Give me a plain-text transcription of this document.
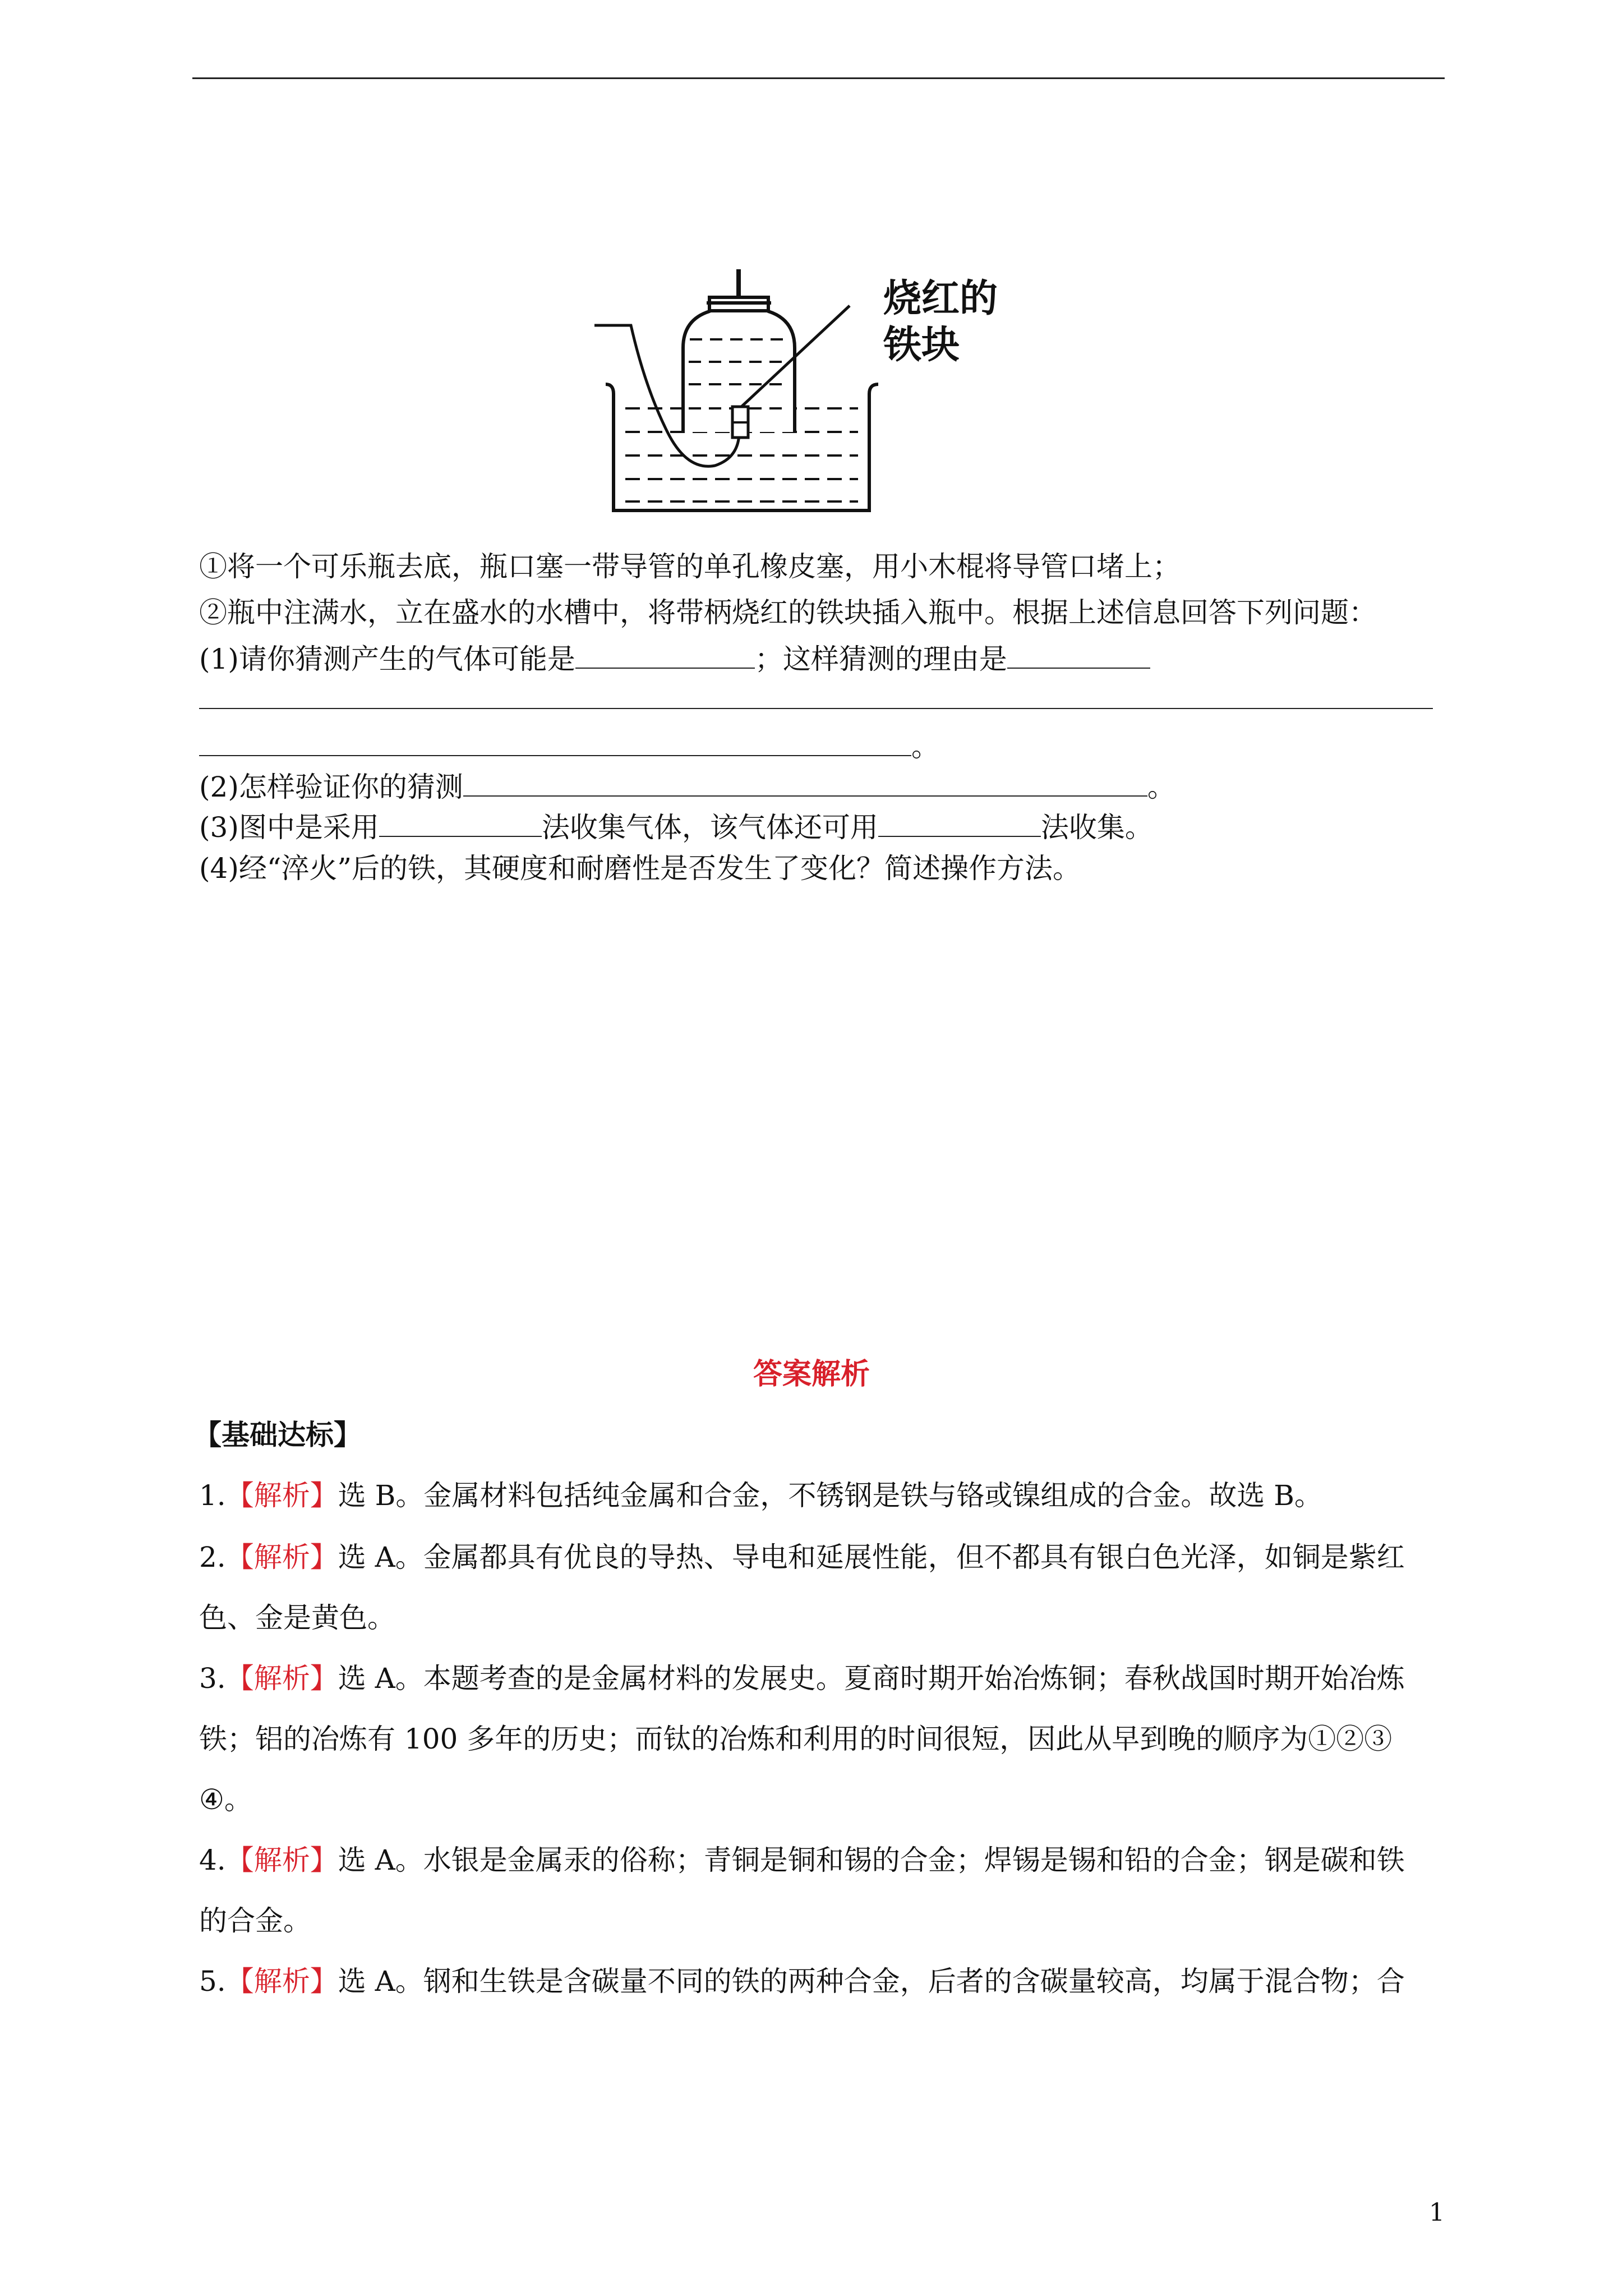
烧红的
铁块
①将一个可乐瓶去底，瓶口塞一带导管的单孔橡皮塞，用小木棍将导管口堵上；
②瓶中注满水，立在盛水的水槽中，将带柄烧红的铁块插入瓶中。根据上述信息回答下列问题：
(1)请你猜测产生的气体可能是	；这样猜测的理由是
。
(2)怎样验证你的猜测	。
(3)图中是采用	法收集气体，该气体还可用	法收集。
(4)经“淬火”后的铁，其硬度和耐磨性是否发生了变化？简述操作方法。
答案解析
【基础达标】
1.【解析】选 B。金属材料包括纯金属和合金，不锈钢是铁与铬或镍组成的合金。故选 B。
2.【解析】选 A。金属都具有优良的导热、导电和延展性能，但不都具有银白色光泽，如铜是紫红
色、金是黄色。
3.【解析】选 A。本题考查的是金属材料的发展史。夏商时期开始冶炼铜；春秋战国时期开始冶炼
铁；铝的冶炼有 100 多年的历史；而钛的冶炼和利用的时间很短，因此从早到晚的顺序为①②③
④。
4.【解析】选 A。水银是金属汞的俗称；青铜是铜和锡的合金；焊锡是锡和铅的合金；钢是碳和铁
的合金。
5.【解析】选 A。钢和生铁是含碳量不同的铁的两种合金，后者的含碳量较高，均属于混合物；合
1
